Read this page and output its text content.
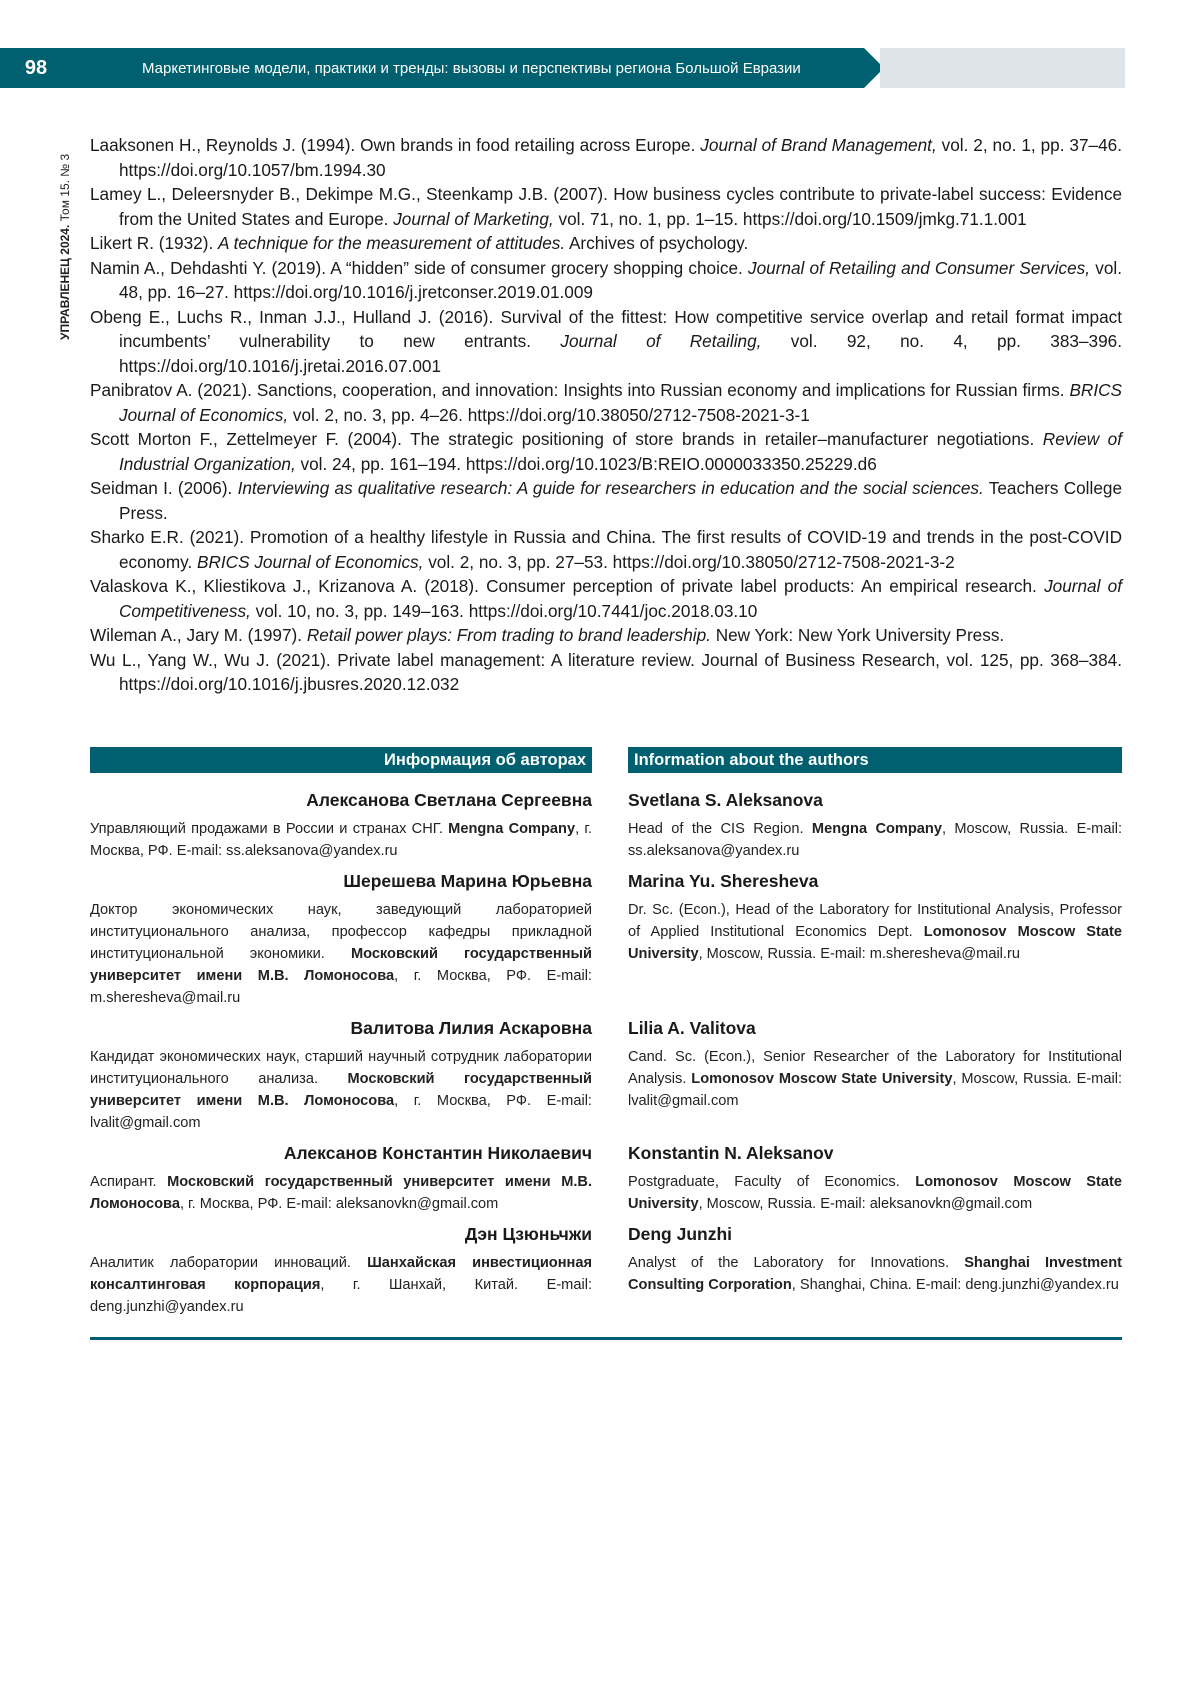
98	Маркетинговые модели, практики и тренды: вызовы и перспективы региона Большой Евразии
УПРАВЛЕНЕЦ 2024. Том 15. № 3

Laaksonen H., Reynolds J. (1994). Own brands in food retailing across Europe. Journal of Brand Management, vol. 2, no. 1, pp. 37–46. https://doi.org/10.1057/bm.1994.30

Lamey L., Deleersnyder B., Dekimpe M.G., Steenkamp J.B. (2007). How business cycles contribute to private-label success: Evidence from the United States and Europe. Journal of Marketing, vol. 71, no. 1, pp. 1–15. https://doi.org/10.1509/jmkg.71.1.001

Likert R. (1932). A technique for the measurement of attitudes. Archives of psychology.

Namin A., Dehdashti Y. (2019). A “hidden” side of consumer grocery shopping choice. Journal of Retailing and Consumer Services, vol. 48, pp. 16–27. https://doi.org/10.1016/j.jretconser.2019.01.009

Obeng E., Luchs R., Inman J.J., Hulland J. (2016). Survival of the fittest: How competitive service overlap and retail format impact incumbents’ vulnerability to new entrants. Journal of Retailing, vol. 92, no. 4, pp. 383–396. https://doi.org/10.1016/j.jretai.2016.07.001

Panibratov A. (2021). Sanctions, cooperation, and innovation: Insights into Russian economy and implications for Russian firms. BRICS Journal of Economics, vol. 2, no. 3, pp. 4–26. https://doi.org/10.38050/2712-7508-2021-3-1

Scott Morton F., Zettelmeyer F. (2004). The strategic positioning of store brands in retailer–manufacturer negotiations. Review of Industrial Organization, vol. 24, pp. 161–194. https://doi.org/10.1023/B:REIO.0000033350.25229.d6

Seidman I. (2006). Interviewing as qualitative research: A guide for researchers in education and the social sciences. Teachers College Press.

Sharko E.R. (2021). Promotion of a healthy lifestyle in Russia and China. The first results of COVID-19 and trends in the post-COVID economy. BRICS Journal of Economics, vol. 2, no. 3, pp. 27–53. https://doi.org/10.38050/2712-7508-2021-3-2

Valaskova K., Kliestikova J., Krizanova A. (2018). Consumer perception of private label products: An empirical research. Journal of Competitiveness, vol. 10, no. 3, pp. 149–163. https://doi.org/10.7441/joc.2018.03.10

Wileman A., Jary M. (1997). Retail power plays: From trading to brand leadership. New York: New York University Press.

Wu L., Yang W., Wu J. (2021). Private label management: A literature review. Journal of Business Research, vol. 125, pp. 368–384. https://doi.org/10.1016/j.jbusres.2020.12.032

Информация об авторах	Information about the authors

Алексанова Светлана Сергеевна

Управляющий продажами в России и странах СНГ. Mengna Company, г. Москва, РФ. E-mail: ss.aleksanova@yandex.ru

Svetlana S. Aleksanova

Head of the CIS Region. Mengna Company, Moscow, Russia. E-mail: ss.aleksanova@yandex.ru

Шерешева Марина Юрьевна

Доктор экономических наук, заведующий лабораторией институционального анализа, профессор кафедры прикладной институциональной экономики. Московский государственный университет имени М.В. Ломоносова, г. Москва, РФ. E-mail: m.sheresheva@mail.ru

Marina Yu. Sheresheva

Dr. Sc. (Econ.), Head of the Laboratory for Institutional Analysis, Professor of Applied Institutional Economics Dept. Lomonosov Moscow State University, Moscow, Russia. E-mail: m.sheresheva@mail.ru

Валитова Лилия Аскаровна

Кандидат экономических наук, старший научный сотрудник лаборатории институционального анализа. Московский государственный университет имени М.В. Ломоносова, г. Москва, РФ. E-mail: lvalit@gmail.com

Lilia A. Valitova

Cand. Sc. (Econ.), Senior Researcher of the Laboratory for Institutional Analysis. Lomonosov Moscow State University, Moscow, Russia. E-mail: lvalit@gmail.com

Алексанов Константин Николаевич

Аспирант. Московский государственный университет имени М.В. Ломоносова, г. Москва, РФ. E-mail: aleksanovkn@gmail.com

Konstantin N. Aleksanov

Postgraduate, Faculty of Economics. Lomonosov Moscow State University, Moscow, Russia. E-mail: aleksanovkn@gmail.com

Дэн Цзюньчжи

Аналитик лаборатории инноваций. Шанхайская инвестиционная консалтинговая корпорация, г. Шанхай, Китай. E-mail: deng.junzhi@yandex.ru

Deng Junzhi

Analyst of the Laboratory for Innovations. Shanghai Investment Consulting Corporation, Shanghai, China. E-mail: deng.junzhi@yandex.ru
